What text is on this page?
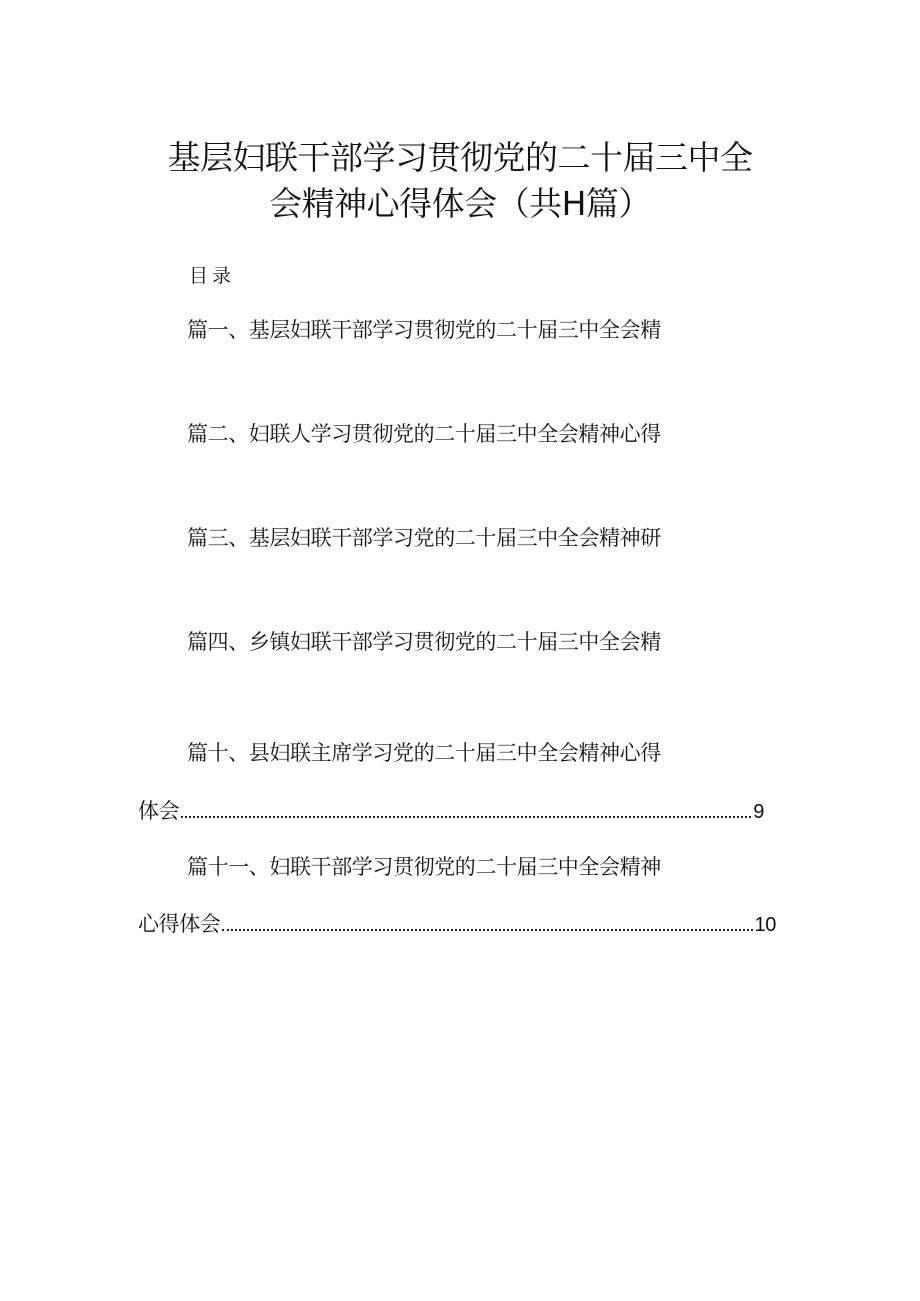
基层妇联干部学习贯彻党的二十届三中全
会精神心得体会（共H篇）
目录
篇一、基层妇联干部学习贯彻党的二十届三中全会精
篇二、妇联人学习贯彻党的二十届三中全会精神心得
篇三、基层妇联干部学习党的二十届三中全会精神研
篇四、乡镇妇联干部学习贯彻党的二十届三中全会精
篇十、县妇联主席学习党的二十届三中全会精神心得
体会	9
篇十一、妇联干部学习贯彻党的二十届三中全会精神
心得体会	10
